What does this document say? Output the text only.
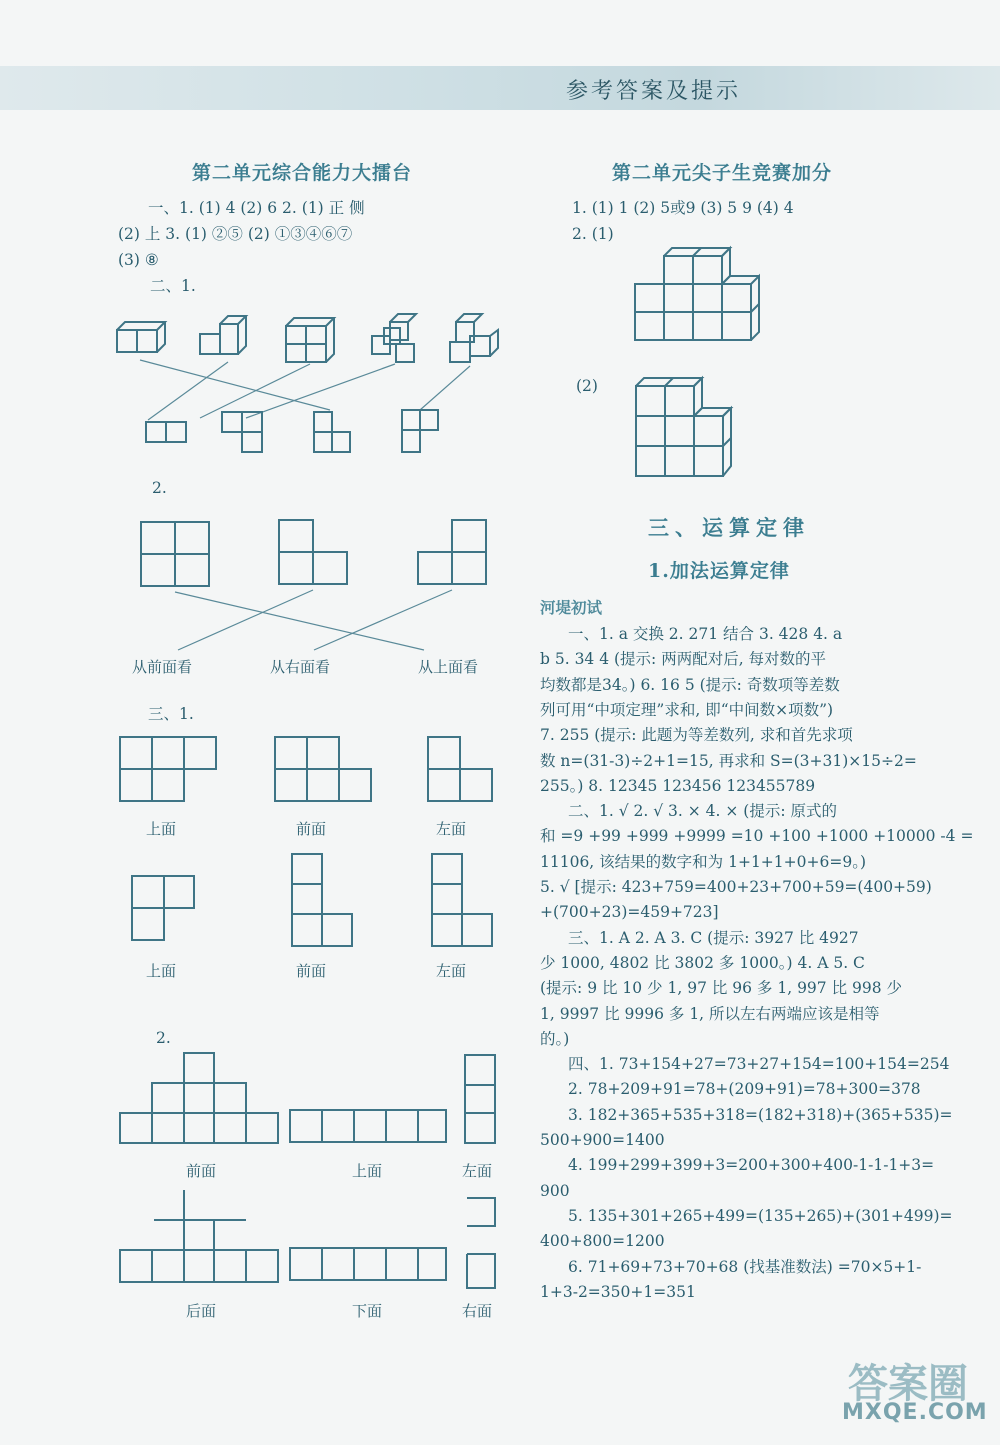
参考答案及提示
第二单元综合能力大擂台
一、1. (1) 4 (2) 6 2. (1) 正 侧
(2) 上 3. (1) ②⑤ (2) ①③④⑥⑦
(3) ⑧
二、1.
2.
从前面看	从右面看	从上面看
三、1.
上面	前面	左面
上面	前面	左面
2.
前面	上面	左面
后面	下面	右面
第二单元尖子生竞赛加分
1. (1) 1 (2) 5或9 (3) 5 9 (4) 4
2. (1)
(2)
三、运算定律
1.加法运算定律
河堤初试
一、1. a 交换 2. 271 结合 3. 428 4. a
b 5. 34 4 (提示: 两两配对后, 每对数的平
均数都是34。) 6. 16 5 (提示: 奇数项等差数
列可用“中项定理”求和, 即“中间数×项数”)
7. 255 (提示: 此题为等差数列, 求和首先求项
数 n=(31-3)÷2+1=15, 再求和 S=(3+31)×15÷2=
255。) 8. 12345 123456 123455789
二、1. √ 2. √ 3. × 4. × (提示: 原式的
和 =9 +99 +999 +9999 =10 +100 +1000 +10000 -4 =
11106, 该结果的数字和为 1+1+1+0+6=9。)
5. √ [提示: 423+759=400+23+700+59=(400+59)
+(700+23)=459+723]
三、1. A 2. A 3. C (提示: 3927 比 4927
少 1000, 4802 比 3802 多 1000。) 4. A 5. C
(提示: 9 比 10 少 1, 97 比 96 多 1, 997 比 998 少
1, 9997 比 9996 多 1, 所以左右两端应该是相等
的。)
四、1. 73+154+27=73+27+154=100+154=254
2. 78+209+91=78+(209+91)=78+300=378
3. 182+365+535+318=(182+318)+(365+535)=
500+900=1400
4. 199+299+399+3=200+300+400-1-1-1+3=
900
5. 135+301+265+499=(135+265)+(301+499)=
400+800=1200
6. 71+69+73+70+68 (找基准数法) =70×5+1-
1+3-2=350+1=351
答案圈
MXQE.COM
